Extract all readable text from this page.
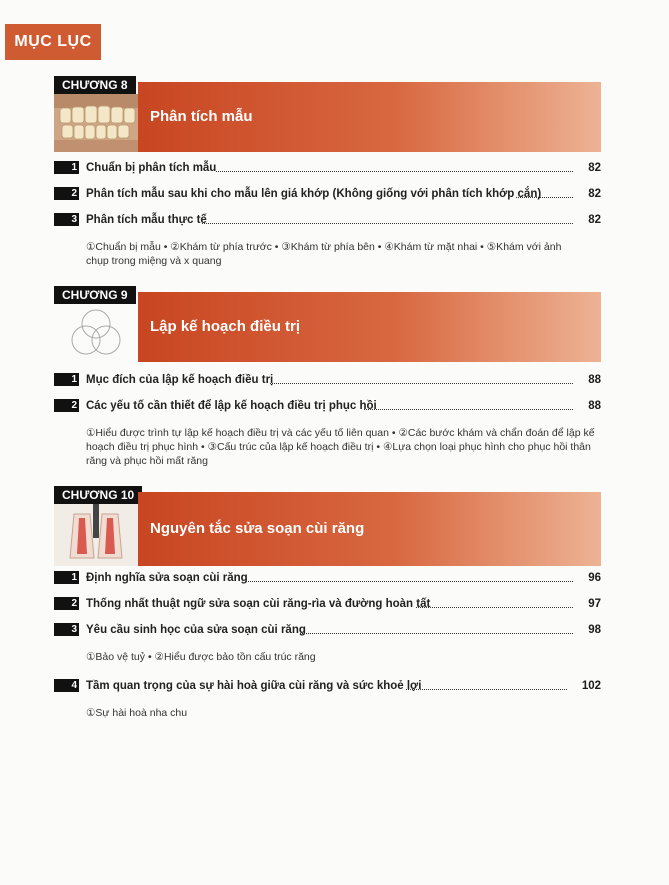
MỤC LỤC
CHƯƠNG 8
Phân tích mẫu
1 Chuẩn bị phân tích mẫu	82
2 Phân tích mẫu sau khi cho mẫu lên giá khớp (Không giống với phân tích khớp cắn)	82
3 Phân tích mẫu thực tế	82
①Chuẩn bị mẫu • ②Khám từ phía trước • ③Khám từ phía bên • ④Khám từ mặt nhai • ⑤Khám với ảnh
chụp trong miệng và x quang
CHƯƠNG 9
Lập kế hoạch điều trị
1 Mục đích của lập kế hoạch điều trị	88
2 Các yếu tố cần thiết để lập kế hoạch điều trị phục hồi	88
①Hiểu được trình tự lập kế hoạch điều trị và các yếu tố liên quan • ②Các bước khám và chẩn đoán để lập kế
hoạch điều trị phục hình • ③Cấu trúc của lập kế hoạch điều trị • ④Lựa chọn loại phục hình cho phục hồi thân
răng và phục hồi mất răng
CHƯƠNG 10
Nguyên tắc sửa soạn cùi răng
1 Định nghĩa sửa soạn cùi răng	96
2 Thống nhất thuật ngữ sửa soạn cùi răng-rìa và đường hoàn tất	97
3 Yêu cầu sinh học của sửa soạn cùi răng	98
①Bảo vệ tuỷ • ②Hiểu được bảo tồn cấu trúc răng
4 Tầm quan trọng của sự hài hoà giữa cùi răng và sức khoẻ lợi	102
①Sự hài hoà nha chu
